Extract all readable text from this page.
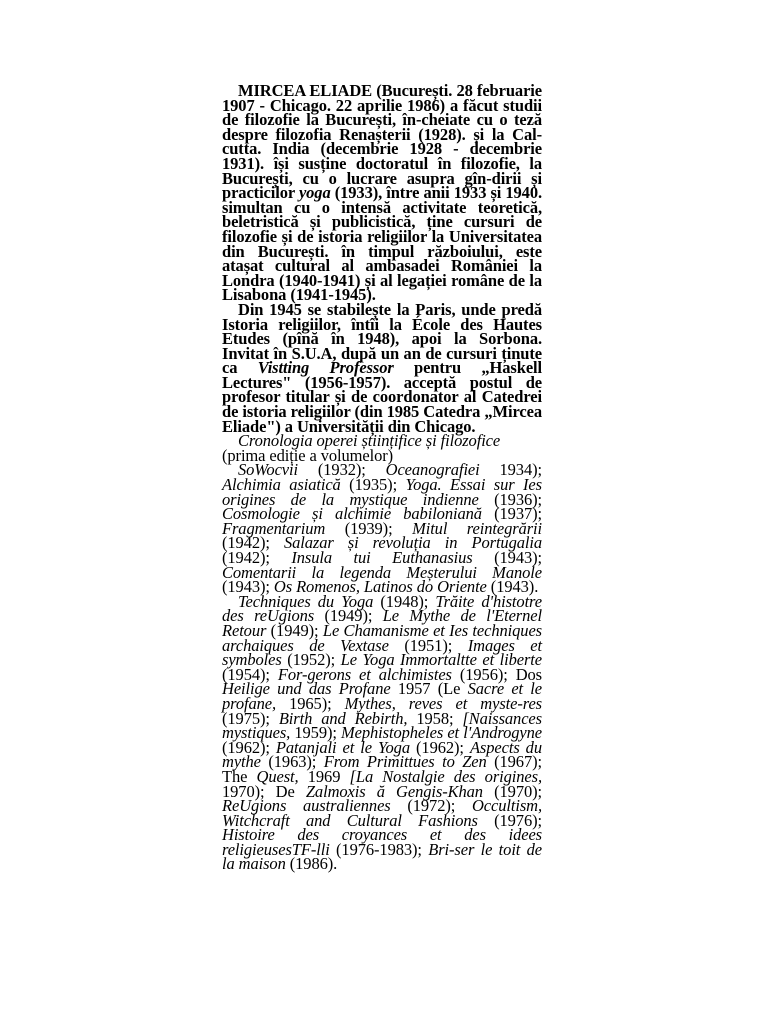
MIRCEA ELIADE (București. 28 februarie 1907 - Chicago. 22 aprilie 1986) a făcut studii de filozofie la București, în-cheiate cu o teză despre filozofia Renașterii (1928). și la Cal-cutta. India (decembrie 1928 - decembrie 1931). își susține doctoratul în filozofie, la București, cu o lucrare asupra gîn-dirii și practicilor yoga (1933), între anii 1933 și 1940. simultan cu o intensă activitate teoretică, beletristică și publicistică, ține cursuri de filozofie și de istoria religiilor la Universitatea din București. în timpul războiului, este atașat cultural al ambasadei României la Londra (1940-1941) și al legației române de la Lisabona (1941-1945).

Din 1945 se stabilește la Paris, unde predă Istoria religiilor, întîi la École des Hautes Etudes (pînă în 1948), apoi la Sorbona. Invitat în S.U.A, după un an de cursuri ținute ca Vistting Professor pentru „Haskell Lectures" (1956-1957). acceptă postul de profesor titular și de coordonator al Catedrei de istoria religiilor (din 1985 Catedra „Mircea Eliade") a Universității din Chicago.

Cronologia operei științifice și filozofice
(prima ediție a volumelor)

SoWocvii (1932); Oceanografiei 1934); Alchimia asiatică (1935); Yoga. Essai sur Ies origines de la mystique indienne (1936); Cosmologie și alchimie babiloniană (1937); Fragmentarium (1939); Mitul reintegrării (1942); Salazar și revoluția in Portugalia (1942); Insula tui Euthanasius (1943); Comentarii la legenda Meșterului Manole (1943); Os Romenos, Latinos do Oriente (1943).

Techniques du Yoga (1948); Trăite d'histotre des reUgions (1949); Le Mythe de l'Eternel Retour (1949); Le Chamanisme et Ies techniques archaiques de Vextase (1951); Images et symboles (1952); Le Yoga Immortaltte et liberte (1954); For-gerons et alchimistes (1956); Dos Heilige und das Profane 1957 (Le Sacre et le profane, 1965); Mythes, reves et myste-res (1975); Birth and Rebirth, 1958; [Naissances mystiques, 1959); Mephistopheles et l'Androgyne (1962); Patanjali et le Yoga (1962); Aspects du mythe (1963); From Primittues to Zen (1967); The Quest, 1969 [La Nostalgie des origines, 1970); De Zalmoxis ă Gengis-Khan (1970); ReUgions australiennes (1972); Occultism, Witchcraft and Cultural Fashions (1976); Histoire des croyances et des idees religieusesTF-lli (1976-1983); Bri-ser le toit de la maison (1986).
